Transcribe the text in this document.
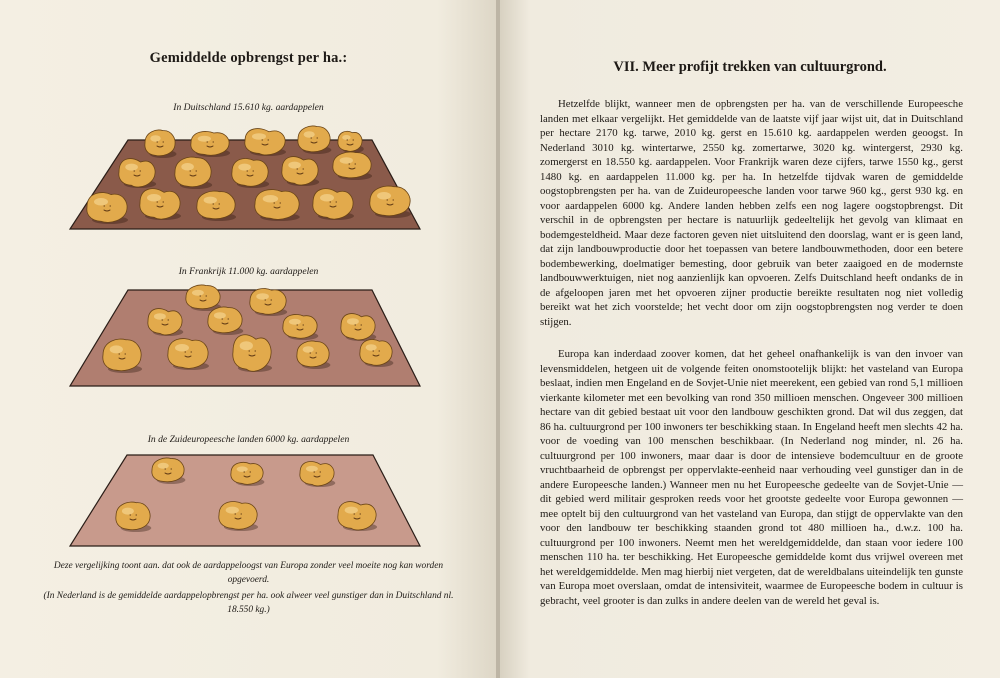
Gemiddelde opbrengst per ha.:
In Duitschland 15.610 kg. aardappelen
In Frankrijk 11.000 kg. aardappelen
In de Zuideuropeesche landen 6000 kg. aardappelen
Deze vergelijking toont aan. dat ook de aardappeloogst van Europa zonder veel moeite nog kan worden opgevoerd.
(In Nederland is de gemiddelde aardappelopbrengst per ha. ook alweer veel gunstiger dan in Duitschland nl. 18.550 kg.)
VII. Meer profijt trekken van cultuurgrond.

Hetzelfde blijkt, wanneer men de opbrengsten per ha. van de verschillende Europeesche landen met elkaar vergelijkt. Het gemiddelde van de laatste vijf jaar wijst uit, dat in Duitschland per hectare 2170 kg. tarwe, 2010 kg. gerst en 15.610 kg. aardappelen werden geoogst. In Nederland 3010 kg. wintertarwe, 2550 kg. zomertarwe, 3020 kg. wintergerst, 2930 kg. zomergerst en 18.550 kg. aardappelen. Voor Frankrijk waren deze cijfers, tarwe 1550 kg., gerst 1480 kg. en aardappelen 11.000 kg. per ha. In hetzelfde tijdvak waren de gemiddelde oogstopbrengsten per ha. van de Zuideuropeesche landen voor tarwe 960 kg., gerst 930 kg. en voor aardappelen 6000 kg. Andere landen hebben zelfs een nog lagere oogstopbrengst. Dit verschil in de opbrengsten per hectare is natuurlijk gedeeltelijk het gevolg van klimaat en bodemgesteldheid. Maar deze factoren geven niet uitsluitend den doorslag, want er is geen land, dat zijn landbouwproductie door het toepassen van betere landbouwmethoden, door een betere bodembewerking, doelmatiger bemesting, door gebruik van beter zaaigoed en de modernste landbouwwerktuigen, niet nog aanzienlijk kan opvoeren. Zelfs Duitschland heeft ondanks de in de afgeloopen jaren met het opvoeren zijner productie bereikte resultaten nog niet volledig bereikt wat het zich voorstelde; het vecht door om zijn oogstopbrengsten nog verder te doen stijgen.

Europa kan inderdaad zoover komen, dat het geheel onafhankelijk is van den invoer van levensmiddelen, hetgeen uit de volgende feiten onomstootelijk blijkt: het vasteland van Europa beslaat, indien men Engeland en de Sovjet-Unie niet meerekent, een gebied van rond 5,1 millioen vierkante kilometer met een bevolking van rond 350 millioen menschen. Ongeveer 300 millioen hectare van dit gebied bestaat uit voor den landbouw geschikten grond. Dat wil dus zeggen, dat 86 ha. cultuurgrond per 100 inwoners ter beschikking staan. In Engeland heeft men slechts 42 ha. voor de voeding van 100 menschen beschikbaar. (In Nederland nog minder, nl. 26 ha. cultuurgrond per 100 inwoners, maar daar is door de intensieve bodemcultuur en de groote vruchtbaarheid de opbrengst per oppervlakte-eenheid naar verhouding veel gunstiger dan in de andere Europeesche landen.) Wanneer men nu het Europeesche gedeelte van de Sovjet-Unie — dit gebied werd militair gesproken reeds voor het grootste gedeelte voor Europa gewonnen — mee optelt bij den cultuurgrond van het vasteland van Europa, dan stijgt de oppervlakte van den voor den landbouw ter beschikking staanden grond tot 480 millioen ha., d.w.z. 100 ha. cultuurgrond per 100 inwoners. Neemt men het wereldgemiddelde, dan staan voor iedere 100 menschen 110 ha. ter beschikking. Het Europeesche gemiddelde komt dus vrijwel overeen met het wereldgemiddelde. Men mag hierbij niet vergeten, dat de wereldbalans uiteindelijk ten gunste van Europa moet overslaan, omdat de intensiviteit, waarmee de Europeesche bodem in cultuur is gebracht, veel grooter is dan zulks in andere deelen van de wereld het geval is.
